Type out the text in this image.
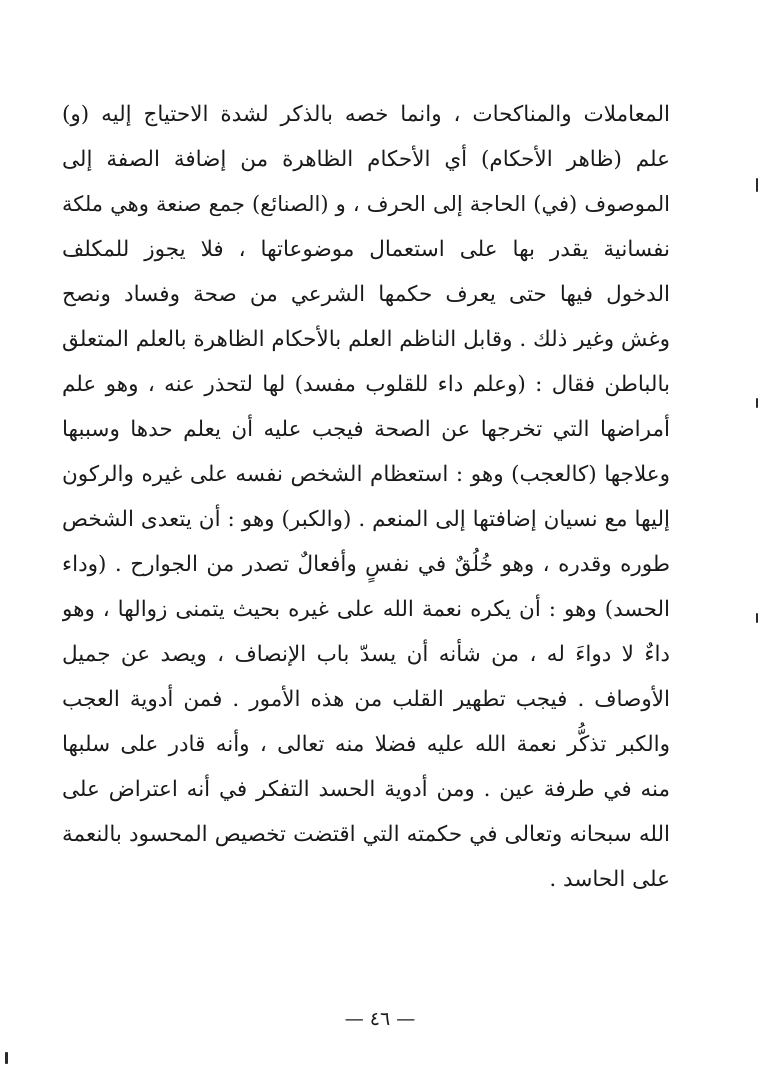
المعاملات والمناكحات ، وانما خصه بالذكر لشدة الاحتياج إليه (و)
علم (ظاهر الأحكام) أي الأحكام الظاهرة من إضافة الصفة إلى
الموصوف (في) الحاجة إلى الحرف ، و (الصنائع) جمع صنعة وهي ملكة
نفسانية يقدر بها على استعمال موضوعاتها ، فلا يجوز للمكلف
الدخول فيها حتى يعرف حكمها الشرعي من صحة وفساد ونصح
وغش وغير ذلك . وقابل الناظم العلم بالأحكام الظاهرة بالعلم المتعلق
بالباطن فقال : (وعلم داء للقلوب مفسد) لها لتحذر عنه ، وهو علم
أمراضها التي تخرجها عن الصحة فيجب عليه أن يعلم حدها وسببها
وعلاجها (كالعجب) وهو : استعظام الشخص نفسه على غيره والركون
إليها مع نسيان إضافتها إلى المنعم . (والكبر) وهو : أن يتعدى الشخص
طوره وقدره ، وهو خُلُقٌ في نفسٍ وأفعالٌ تصدر من الجوارح . (وداء
الحسد) وهو : أن يكره نعمة الله على غيره بحيث يتمنى زوالها ، وهو
داءٌ لا دواءَ له ، من شأنه أن يسدّ باب الإنصاف ، ويصد عن جميل
الأوصاف . فيجب تطهير القلب من هذه الأمور . فمن أدوية العجب
والكبر تذكُّر نعمة الله عليه فضلا منه تعالى ، وأنه قادر على سلبها
منه في طرفة عين . ومن أدوية الحسد التفكر في أنه اعتراض على
الله سبحانه وتعالى في حكمته التي اقتضت تخصيص المحسود بالنعمة
على الحاسد .
— ٤٦ —
